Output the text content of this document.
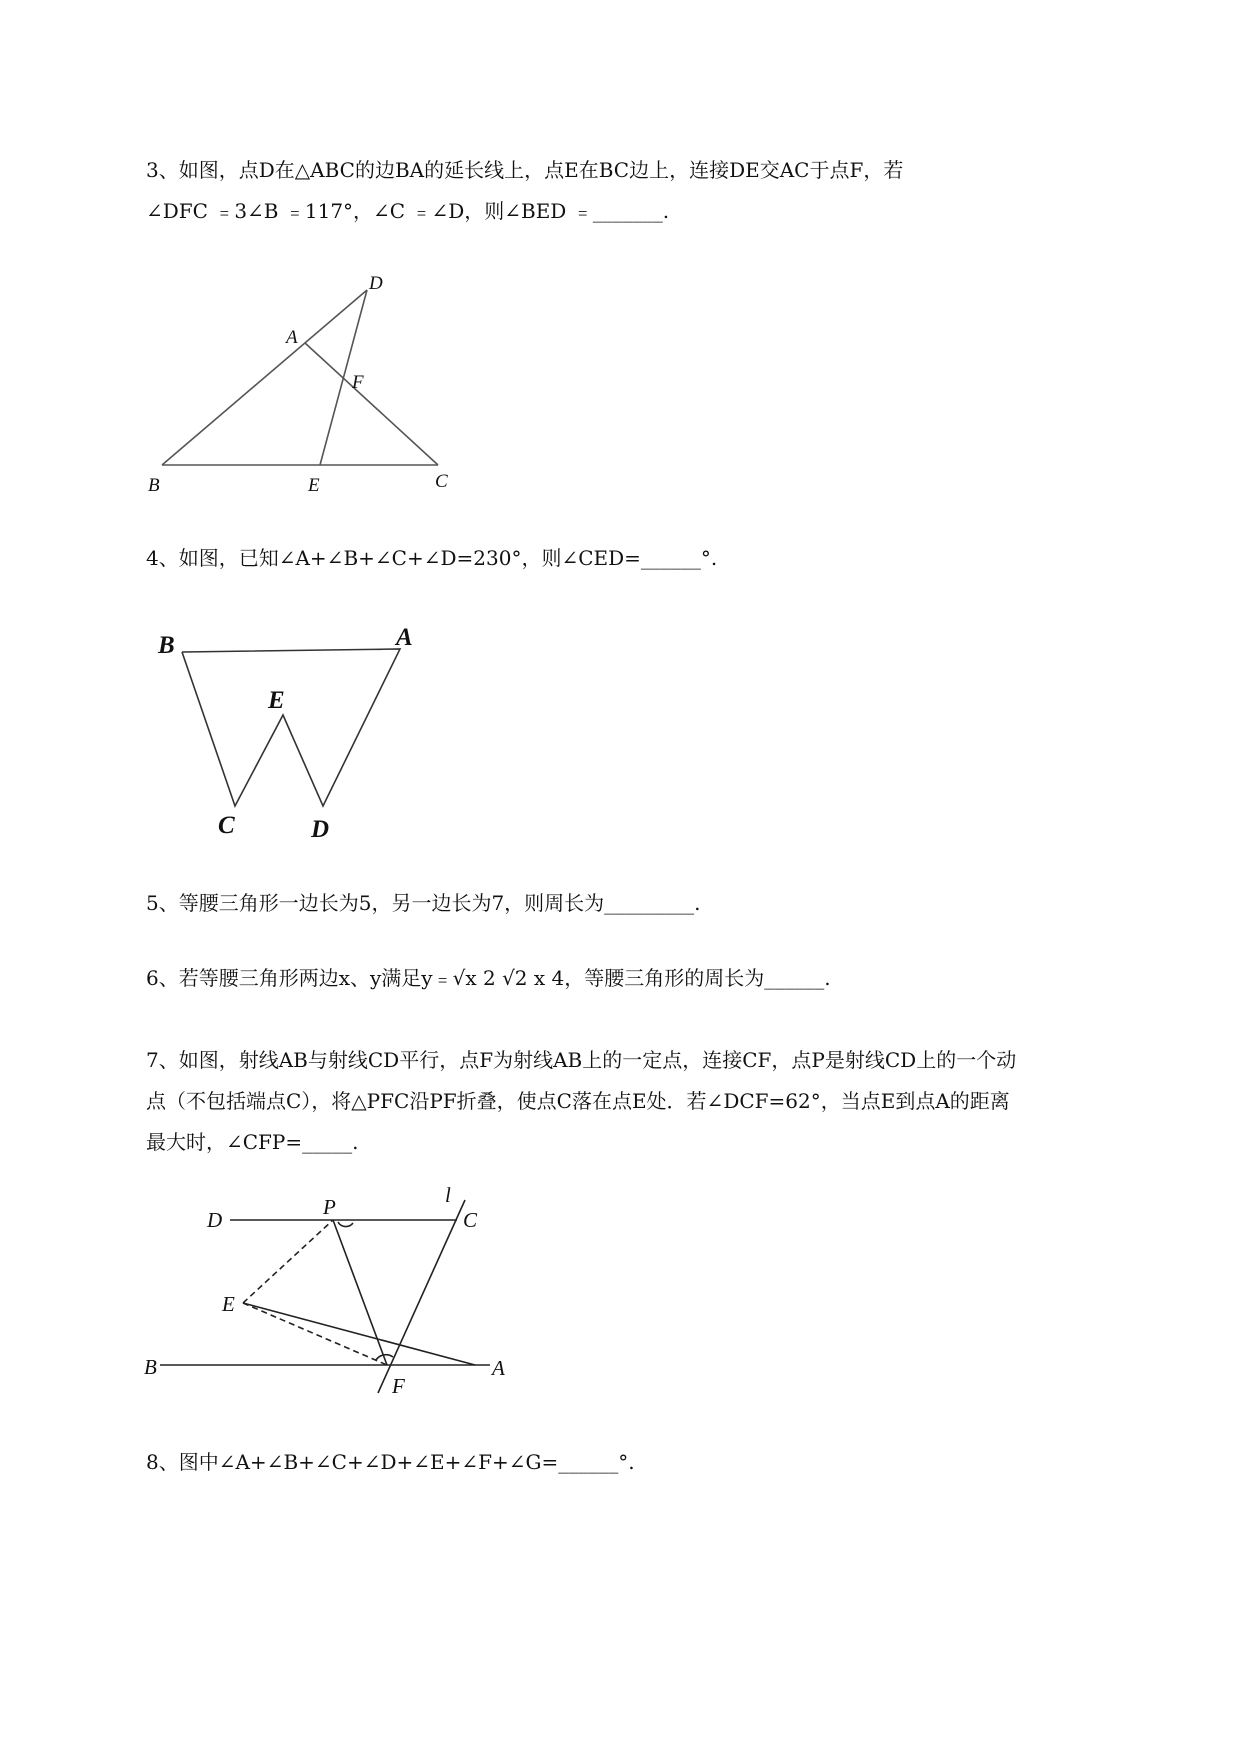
3、如图，点D在△ABC的边BA的延长线上，点E在BC边上，连接DE交AC于点F，若
∠DFC ﹦3∠B ﹦117°，∠C ﹦∠D，则∠BED ﹦_______.
D
A
F
B	E	C
4、如图，已知∠A+∠B+∠C+∠D=230°，则∠CED=______°.
B	A
E
C	D
5、等腰三角形一边长为5，另一边长为7，则周长为_________.
6、若等腰三角形两边x、y满足y﹦√x 2 √2 x 4，等腰三角形的周长为______.
7、如图，射线AB与射线CD平行，点F为射线AB上的一定点，连接CF，点P是射线CD上的一个动
点（不包括端点C），将△PFC沿PF折叠，使点C落在点E处．若∠DCF=62°，当点E到点A的距离
最大时，∠CFP=_____.
D
P	l
C
E
B
F
A
8、图中∠A+∠B+∠C+∠D+∠E+∠F+∠G=______°.
